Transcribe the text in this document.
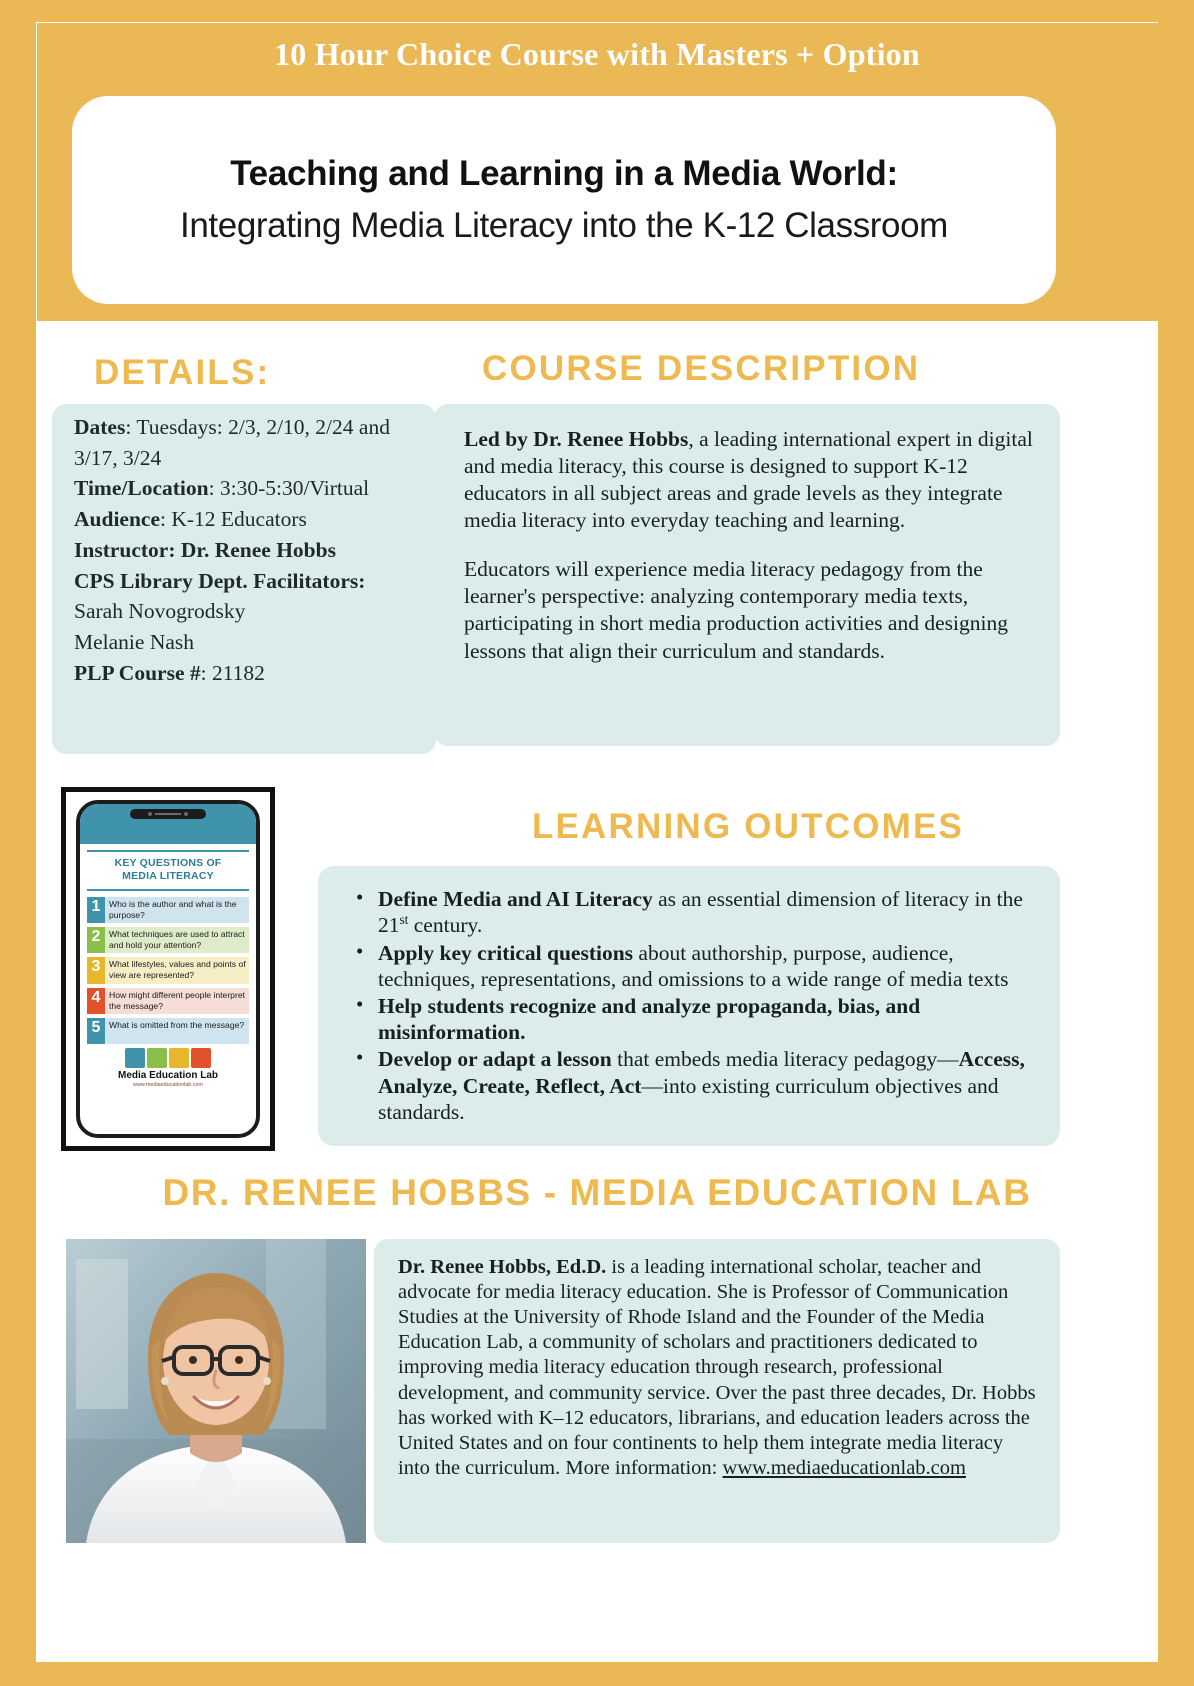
10 Hour Choice Course with Masters + Option
Teaching and Learning in a Media World:
Integrating Media Literacy into the K-12 Classroom
DETAILS:

Dates: Tuesdays: 2/3, 2/10, 2/24 and 3/17, 3/24

Time/Location: 3:30-5:30/Virtual

Audience: K-12 Educators

Instructor: Dr. Renee Hobbs

CPS Library Dept. Facilitators:

Sarah Novogrodsky

Melanie Nash

PLP Course #: 21182

COURSE DESCRIPTION

Led by Dr. Renee Hobbs, a leading international expert in digital and media literacy, this course is designed to support K-12 educators in all subject areas and grade levels as they integrate media literacy into everyday teaching and learning.

Educators will experience media literacy pedagogy from the learner's perspective: analyzing contemporary media texts, participating in short media production activities and designing lessons that align their curriculum and standards.

KEY QUESTIONS OF
MEDIA LITERACY
1 Who is the author and what is the purpose?
2 What techniques are used to attract and hold your attention?
3 What lifestyles, values and points of view are represented?
4 How might different people interpret the message?
5 What is omitted from the message?
Media Education Lab
www.mediaeducationlab.com
LEARNING OUTCOMES
• Define Media and AI Literacy as an essential dimension of literacy in the 21st century.
• Apply key critical questions about authorship, purpose, audience, techniques, representations, and omissions to a wide range of media texts
• Help students recognize and analyze propaganda, bias, and misinformation.
• Develop or adapt a lesson that embeds media literacy pedagogy—Access, Analyze, Create, Reflect, Act—into existing curriculum objectives and standards.
DR. RENEE HOBBS - MEDIA EDUCATION LAB

Dr. Renee Hobbs, Ed.D. is a leading international scholar, teacher and advocate for media literacy education. She is Professor of Communication Studies at the University of Rhode Island and the Founder of the Media Education Lab, a community of scholars and practitioners dedicated to improving media literacy education through research, professional development, and community service. Over the past three decades, Dr. Hobbs has worked with K–12 educators, librarians, and education leaders across the United States and on four continents to help them integrate media literacy into the curriculum. More information: www.mediaeducationlab.com
